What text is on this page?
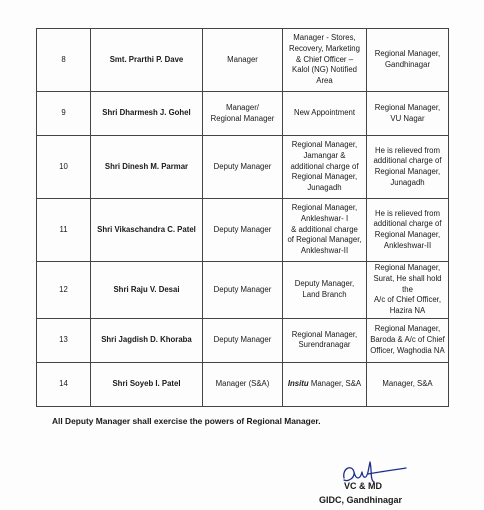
8	Smt. Prarthi P. Dave	Manager	Manager - Stores,
Recovery, Marketing
& Chief Officer –
Kalol (NG) Notified
Area	Regional Manager,
Gandhinagar
9	Shri Dharmesh J. Gohel	Manager/
Regional Manager	New Appointment	Regional Manager,
VU Nagar
10	Shri Dinesh M. Parmar	Deputy Manager	Regional Manager,
Jamangar &
additional charge of
Regional Manager,
Junagadh	He is relieved from
additional charge of
Regional Manager,
Junagadh
11	Shri Vikaschandra C. Patel	Deputy Manager	Regional Manager,
Ankleshwar- I
& additional charge
of Regional Manager,
Ankleshwar-II	He is relieved from
additional charge of
Regional Manager,
Ankleshwar-II
12	Shri Raju V. Desai	Deputy Manager	Deputy Manager,
Land Branch	Regional Manager,
Surat, He shall hold the
A/c of Chief Officer,
Hazira NA
13	Shri Jagdish D. Khoraba	Deputy Manager	Regional Manager,
Surendranagar	Regional Manager,
Baroda & A/c of Chief
Officer, Waghodia NA
14	Shri Soyeb I. Patel	Manager (S&A)	Insitu Manager, S&A	Manager, S&A
All Deputy Manager shall exercise the powers of Regional Manager.
VC & MD
GIDC, Gandhinagar
